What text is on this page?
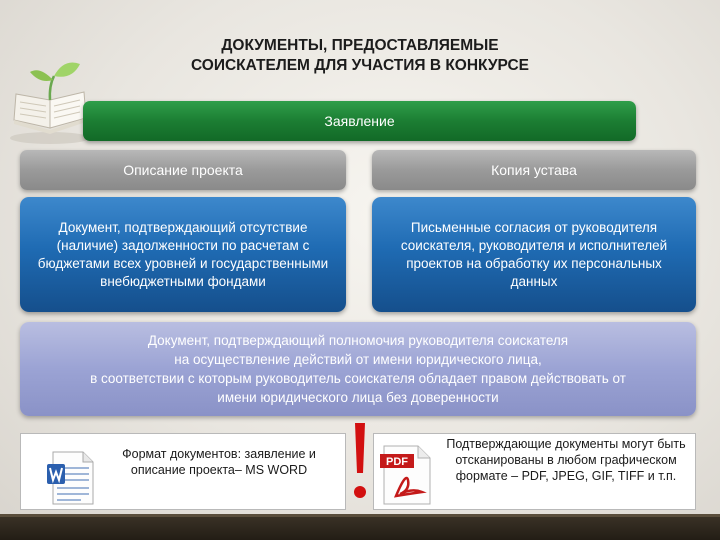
ДОКУМЕНТЫ, ПРЕДОСТАВЛЯЕМЫЕ
СОИСКАТЕЛЕМ ДЛЯ УЧАСТИЯ В КОНКУРСЕ
Заявление
Описание проекта	Копия устава
Документ, подтверждающий отсутствие (наличие) задолженности по расчетам с бюджетами всех уровней и государственными внебюджетными фондами
Письменные согласия от руководителя соискателя, руководителя и исполнителей проектов на обработку их персональных данных
Документ, подтверждающий полномочия руководителя соискателя
на осуществление действий от имени юридического лица,
в соответствии с которым руководитель соискателя обладает правом действовать от
имени юридического лица без доверенности
Формат документов: заявление и описание проекта– MS WORD
PDF
Подтверждающие документы могут быть отсканированы в любом графическом формате – PDF, JPEG, GIF, TIFF и т.п.
